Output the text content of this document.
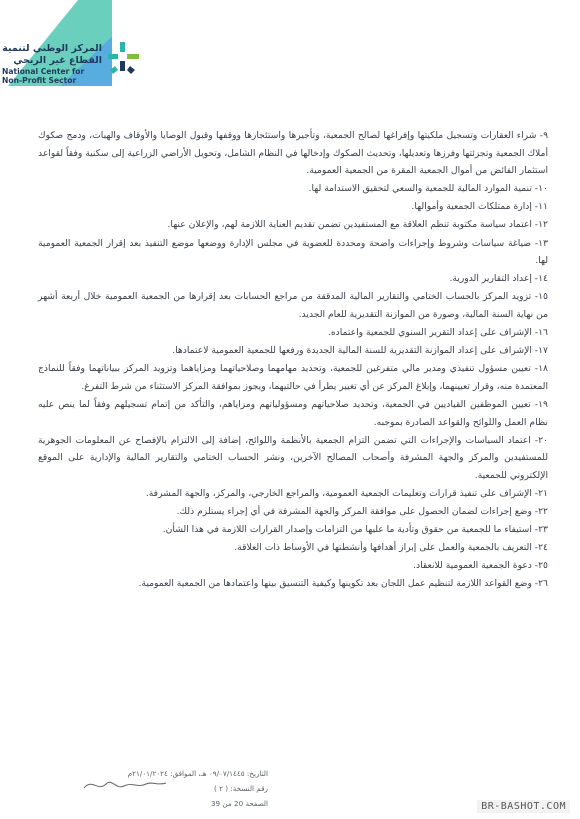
المركز الوطني لتنمية
القطاع غير الربحي
National Center for
Non-Profit Sector

٩- شراء العقارات وتسجيل ملكيتها وإفراغها لصالح الجمعية، وتأجيرها واستئجارها ووقفها وقبول الوصايا والأوقاف والهبات، ودمج صكوك أملاك الجمعية وتجزئتها وفرزها وتعديلها، وتحديث الصكوك وإدخالها في النظام الشامل، وتحويل الأراضي الزراعية إلى سكنية وفقاً لقواعد استثمار الفائض من أموال الجمعية المقرة من الجمعية العمومية.

١٠- تنمية الموارد المالية للجمعية والسعي لتحقيق الاستدامة لها.

١١- إدارة ممتلكات الجمعية وأموالها.

١٢- اعتماد سياسة مكتوبة تنظم العلاقة مع المستفيدين تضمن تقديم العناية اللازمة لهم، والإعلان عنها.

١٣- صياغة سياسات وشروط وإجراءات واضحة ومحددة للعضوية في مجلس الإدارة ووضعها موضع التنفيذ بعد إقرار الجمعية العمومية لها.

١٤- إعداد التقارير الدورية.

١٥- تزويد المركز بالحساب الختامي والتقارير المالية المدققة من مراجع الحسابات بعد إقرارها من الجمعية العمومية خلال أربعة أشهر من نهاية السنة المالية، وصورة من الموازنة التقديرية للعام الجديد.

١٦- الإشراف على إعداد التقرير السنوي للجمعية واعتماده.

١٧- الإشراف على إعداد الموازنة التقديرية للسنة المالية الجديدة ورفعها للجمعية العمومية لاعتمادها.

١٨- تعيين مسؤول تنفيذي ومدير مالي متفرغين للجمعية، وتحديد مهامهما وصلاحياتهما ومزاياهما وتزويد المركز ببياناتهما وفقاً للنماذج المعتمدة منه، وقرار تعيينهما، وإبلاغ المركز عن أي تغيير يطرأ في حالتيهما، ويجوز بموافقة المركز الاستثناء من شرط التفرغ.

١٩- تعيين الموظفين القياديين في الجمعية، وتحديد صلاحياتهم ومسؤولياتهم ومزاياهم، والتأكد من إتمام تسجيلهم وفقاً لما ينص عليه نظام العمل واللوائح والقواعد الصادرة بموجبه.

٢٠- اعتماد السياسات والإجراءات التي تضمن التزام الجمعية بالأنظمة واللوائح، إضافة إلى الالتزام بالإفصاح عن المعلومات الجوهرية للمستفيدين والمركز والجهة المشرفة وأصحاب المصالح الآخرين، ونشر الحساب الختامي والتقارير المالية والإدارية على الموقع الإلكتروني للجمعية.

٢١- الإشراف على تنفيذ قرارات وتعليمات الجمعية العمومية، والمراجع الخارجي، والمركز، والجهة المشرفة.

٢٢- وضع إجراءات لضمان الحصول على موافقة المركز والجهة المشرفة في أي إجراء يستلزم ذلك.

٢٣- استيفاء ما للجمعية من حقوق وتأدية ما عليها من التزامات وإصدار القرارات اللازمة في هذا الشأن.

٢٤- التعريف بالجمعية والعمل على إبراز أهدافها وأنشطتها في الأوساط ذات العلاقة.

٢٥- دعوة الجمعية العمومية للانعقاد.

٢٦- وضع القواعد اللازمة لتنظيم عمل اللجان بعد تكوينها وكيفية التنسيق بينها واعتمادها من الجمعية العمومية.

التاريخ: ٠٩/٠٧/١٤٤٥ هـ، الموافق: ٢١/٠١/٢٠٢٤م
رقم النسخة: ( ٢ )
الصفحة 20 من 39	BR-BASHOT.COM
